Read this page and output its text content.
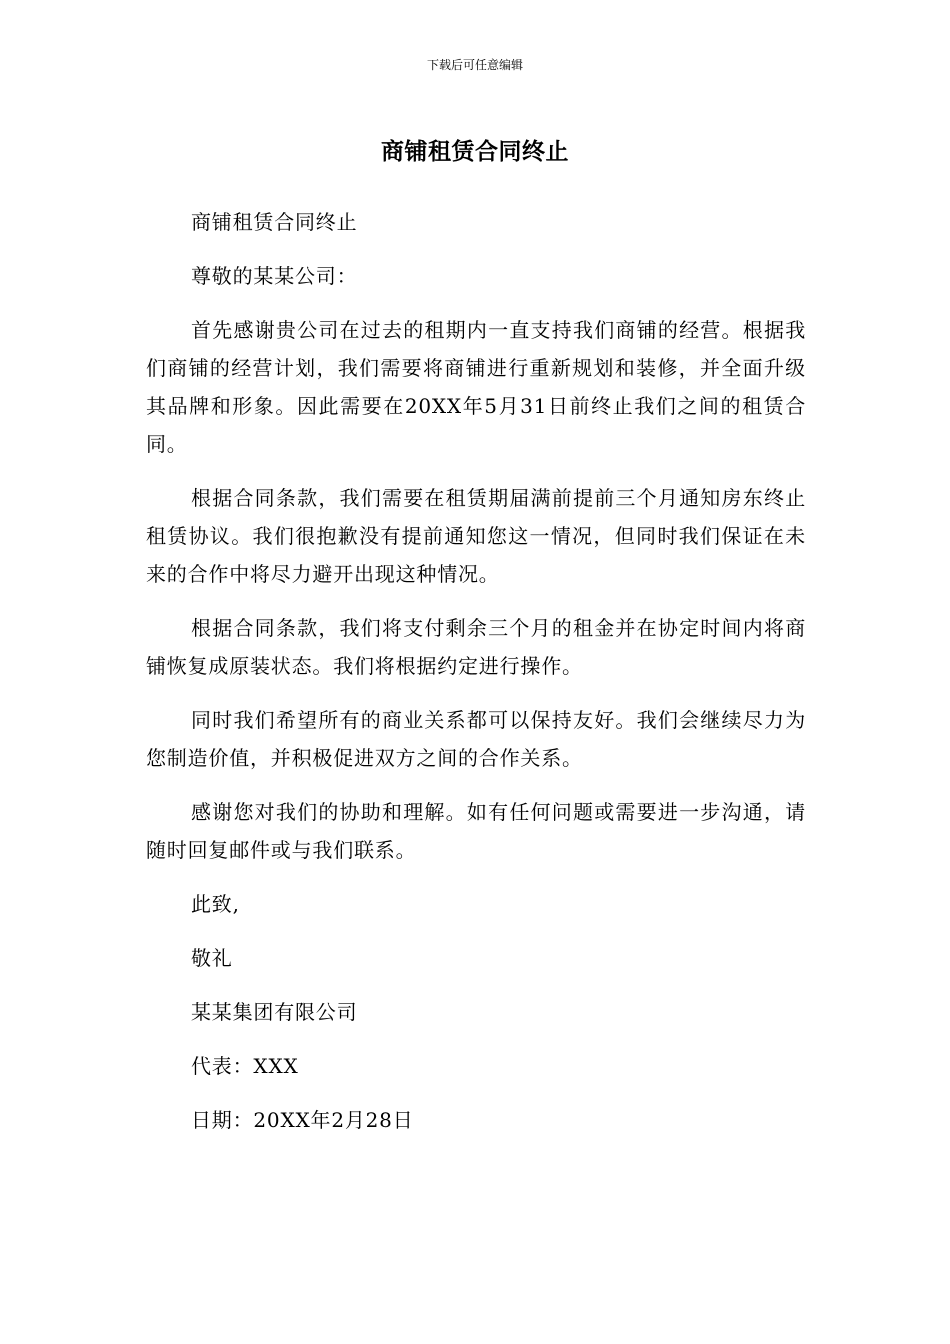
下载后可任意编辑
商铺租赁合同终止

商铺租赁合同终止

尊敬的某某公司：

首先感谢贵公司在过去的租期内一直支持我们商铺的经营。根据我们商铺的经营计划，我们需要将商铺进行重新规划和装修，并全面升级其品牌和形象。因此需要在20XX年5月31日前终止我们之间的租赁合同。

根据合同条款，我们需要在租赁期届满前提前三个月通知房东终止租赁协议。我们很抱歉没有提前通知您这一情况，但同时我们保证在未来的合作中将尽力避开出现这种情况。

根据合同条款，我们将支付剩余三个月的租金并在协定时间内将商铺恢复成原装状态。我们将根据约定进行操作。

同时我们希望所有的商业关系都可以保持友好。我们会继续尽力为您制造价值，并积极促进双方之间的合作关系。

感谢您对我们的协助和理解。如有任何问题或需要进一步沟通，请随时回复邮件或与我们联系。

此致,

敬礼

某某集团有限公司

代表：XXX

日期：20XX年2月28日
